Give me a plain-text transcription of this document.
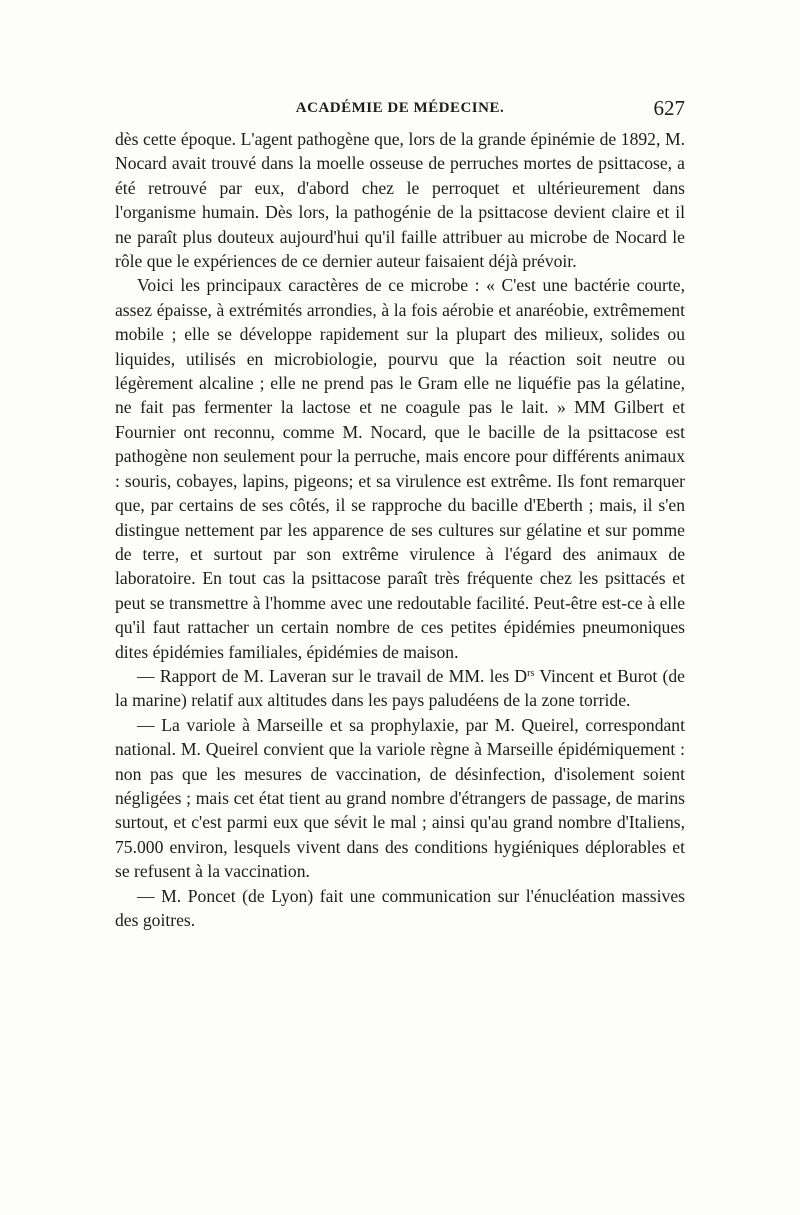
ACADÉMIE DE MÉDECINE.	627

dès cette époque. L'agent pathogène que, lors de la grande épinémie de 1892, M. Nocard avait trouvé dans la moelle osseuse de perruches mortes de psittacose, a été retrouvé par eux, d'abord chez le perroquet et ultérieurement dans l'organisme humain. Dès lors, la pathogénie de la psittacose devient claire et il ne paraît plus douteux aujourd'hui qu'il faille attribuer au microbe de Nocard le rôle que le expériences de ce dernier auteur faisaient déjà prévoir.

Voici les principaux caractères de ce microbe : « C'est une bactérie courte, assez épaisse, à extrémités arrondies, à la fois aérobie et anaréobie, extrêmement mobile ; elle se développe rapidement sur la plupart des milieux, solides ou liquides, utilisés en microbiologie, pourvu que la réaction soit neutre ou légèrement alcaline ; elle ne prend pas le Gram elle ne liquéfie pas la gélatine, ne fait pas fermenter la lactose et ne coagule pas le lait. » MM Gilbert et Fournier ont reconnu, comme M. Nocard, que le bacille de la psittacose est pathogène non seulement pour la perruche, mais encore pour différents animaux : souris, cobayes, lapins, pigeons; et sa virulence est extrême. Ils font remarquer que, par certains de ses côtés, il se rapproche du bacille d'Eberth ; mais, il s'en distingue nettement par les apparence de ses cultures sur gélatine et sur pomme de terre, et surtout par son extrême virulence à l'égard des animaux de laboratoire. En tout cas la psittacose paraît très fréquente chez les psittacés et peut se transmettre à l'homme avec une redoutable facilité. Peut-être est-ce à elle qu'il faut rattacher un certain nombre de ces petites épidémies pneumoniques dites épidémies familiales, épidémies de maison.

— Rapport de M. Laveran sur le travail de MM. les $D^{rs}$ Vincent et Burot (de la marine) relatif aux altitudes dans les pays paludéens de la zone torride.

— La variole à Marseille et sa prophylaxie, par M. Queirel, correspondant national. M. Queirel convient que la variole règne à Marseille épidémiquement : non pas que les mesures de vaccination, de désinfection, d'isolement soient négligées ; mais cet état tient au grand nombre d'étrangers de passage, de marins surtout, et c'est parmi eux que sévit le mal ; ainsi qu'au grand nombre d'Italiens, 75.000 environ, lesquels vivent dans des conditions hygiéniques déplorables et se refusent à la vaccination.

— M. Poncet (de Lyon) fait une communication sur l'énucléation massives des goitres.
